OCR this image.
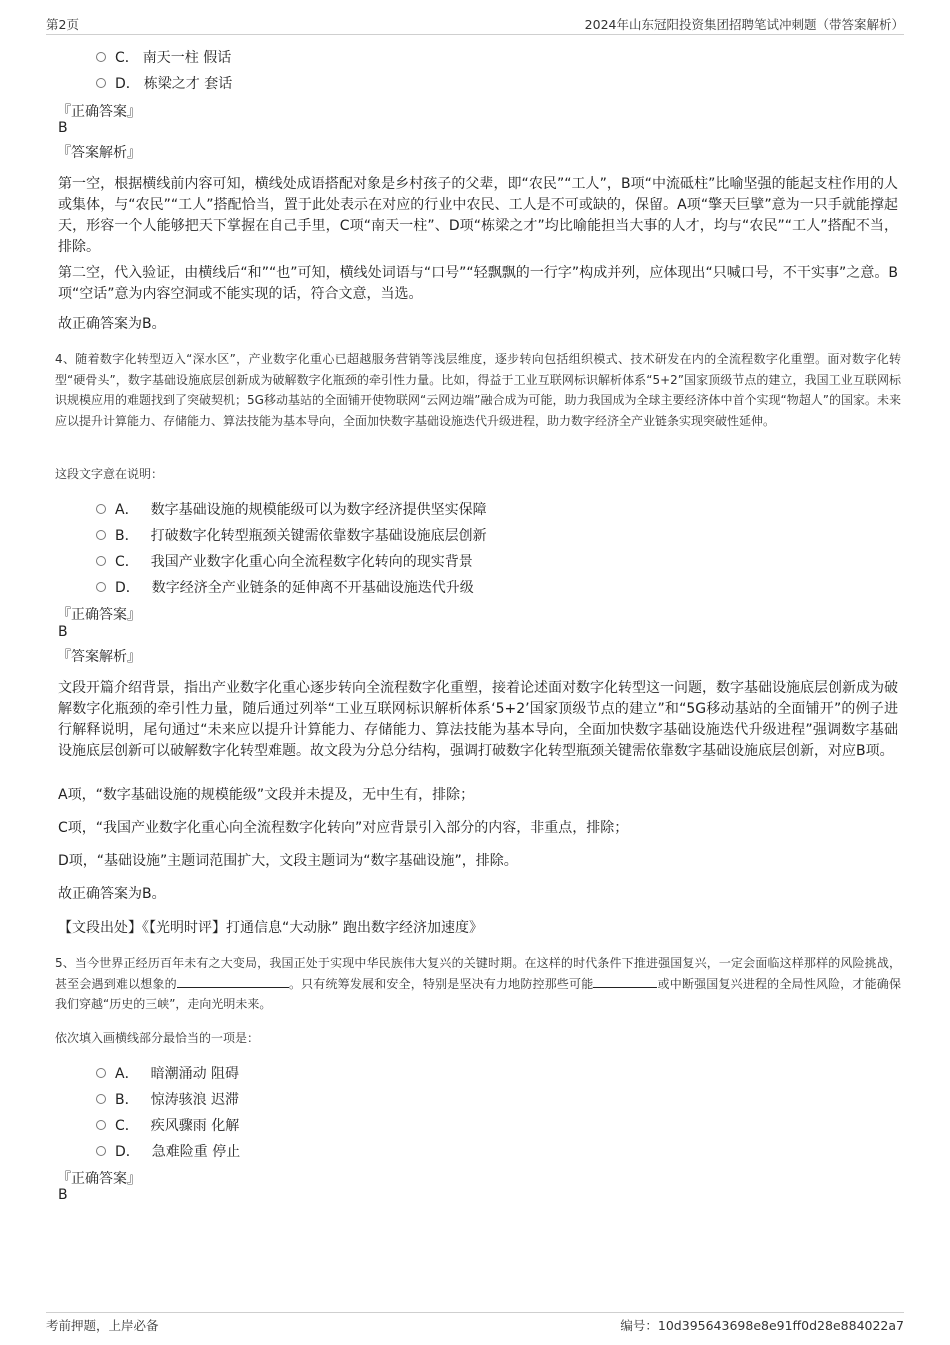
第2页	2024年山东冠阳投资集团招聘笔试冲刺题（带答案解析）
C． 南天一柱 假话
D． 栋梁之才 套话
『正确答案』
B
『答案解析』
第一空，根据横线前内容可知，横线处成语搭配对象是乡村孩子的父辈，即“农民”“工人”，B项“中流砥柱”比喻坚强的能起支柱作用的人或集体，与“农民”“工人”搭配恰当，置于此处表示在对应的行业中农民、工人是不可或缺的，保留。A项“擎天巨擘”意为一只手就能撑起天，形容一个人能够把天下掌握在自己手里，C项“南天一柱”、D项“栋梁之才”均比喻能担当大事的人才，均与“农民”“工人”搭配不当，排除。
第二空，代入验证，由横线后“和”“也”可知，横线处词语与“口号”“轻飘飘的一行字”构成并列，应体现出“只喊口号，不干实事”之意。B项“空话”意为内容空洞或不能实现的话，符合文意，当选。
故正确答案为B。
4、随着数字化转型迈入“深水区”，产业数字化重心已超越服务营销等浅层维度，逐步转向包括组织模式、技术研发在内的全流程数字化重塑。面对数字化转型“硬骨头”，数字基础设施底层创新成为破解数字化瓶颈的牵引性力量。比如，得益于工业互联网标识解析体系“5+2”国家顶级节点的建立，我国工业互联网标识规模应用的难题找到了突破契机；5G移动基站的全面铺开使物联网“云网边端”融合成为可能，助力我国成为全球主要经济体中首个实现“物超人”的国家。未来应以提升计算能力、存储能力、算法技能为基本导向，全面加快数字基础设施迭代升级进程，助力数字经济全产业链条实现突破性延伸。
这段文字意在说明：
A． 数字基础设施的规模能级可以为数字经济提供坚实保障
B． 打破数字化转型瓶颈关键需依靠数字基础设施底层创新
C． 我国产业数字化重心向全流程数字化转向的现实背景
D． 数字经济全产业链条的延伸离不开基础设施迭代升级
『正确答案』
B
『答案解析』
文段开篇介绍背景，指出产业数字化重心逐步转向全流程数字化重塑，接着论述面对数字化转型这一问题，数字基础设施底层创新成为破解数字化瓶颈的牵引性力量，随后通过列举“工业互联网标识解析体系‘5+2’国家顶级节点的建立”和“5G移动基站的全面铺开”的例子进行解释说明，尾句通过“未来应以提升计算能力、存储能力、算法技能为基本导向，全面加快数字基础设施迭代升级进程”强调数字基础设施底层创新可以破解数字化转型难题。故文段为分总分结构，强调打破数字化转型瓶颈关键需依靠数字基础设施底层创新，对应B项。
A项，“数字基础设施的规模能级”文段并未提及，无中生有，排除；
C项，“我国产业数字化重心向全流程数字化转向”对应背景引入部分的内容，非重点，排除；
D项，“基础设施”主题词范围扩大，文段主题词为“数字基础设施”，排除。
故正确答案为B。
【文段出处】《【光明时评】打通信息“大动脉” 跑出数字经济加速度》
5、当今世界正经历百年未有之大变局，我国正处于实现中华民族伟大复兴的关键时期。在这样的时代条件下推进强国复兴，一定会面临这样那样的风险挑战，甚至会遇到难以想象的	。只有统筹发展和安全，特别是坚决有力地防控那些可能	或中断强国复兴进程的全局性风险，才能确保我们穿越“历史的三峡”，走向光明未来。
依次填入画横线部分最恰当的一项是：
A． 暗潮涌动 阻碍
B． 惊涛骇浪 迟滞
C． 疾风骤雨 化解
D． 急难险重 停止
『正确答案』
B
考前押题，上岸必备	编号：10d395643698e8e91ff0d28e884022a7
